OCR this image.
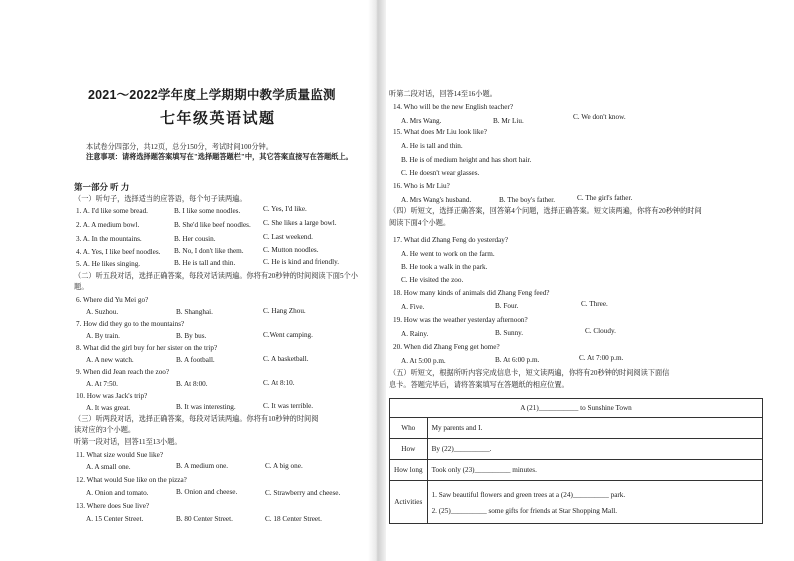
2021～2022学年度上学期期中教学质量监测
七年级英语试题
本试卷分四部分，共12页，总分150分，考试时间100分钟。
注意事项：请将选择题答案填写在"选择题答题栏"中，其它答案直接写在答题纸上。
第一部分 听 力
（一）听句子，选择适当的应答语，每个句子读两遍。
1. A. I'd like some bread.	B. I like some noodles.	C. Yes, I'd like.
2. A. A medium bowl.	B. She'd like beef noodles. C. She likes a large bowl.
3. A. In the mountains.	B. Her cousin.	C. Last weekend.
4. A. Yes, I like beef noodles. B. No, I don't like them.	C. Mutton noodles.
5. A. He likes singing.	B. He is tall and thin.	C. He is kind and friendly.
（二）听五段对话，选择正确答案，每段对话读两遍。你将有20秒钟的时间阅读下面5个小
题。
6. Where did Yu Mei go?
A. Suzhou.	B. Shanghai.	C. Hang Zhou.
7. How did they go to the mountains?
A. By train.	B. By bus.	C.Went camping.
8. What did the girl buy for her sister on the trip?
A. A new watch.	B. A football.	C. A basketball.
9. When did Jean reach the zoo?
A. At 7:50.	B. At 8:00.	C. At 8:10.
10. How was Jack's trip?
A. It was great.	B. It was interesting.	C. It was terrible.
（三）听两段对话，选择正确答案，每段对话读两遍。你将有10秒钟的时间阅
读对应的3个小题。
听第一段对话，回答11至13小题。
11. What size would Sue like?
A. A small one.	B. A medium one.	C. A big one.
12. What would Sue like on the pizza?
A. Onion and tomato.	B. Onion and cheese.	C. Strawberry and cheese.
13. Where does Sue live?
A. 15 Center Street.	B. 80 Center Street.	C. 18 Center Street.
听第二段对话，回答14至16小题。
14. Who will be the new English teacher?
A. Mrs Wang.	B. Mr Liu.	C. We don't know.
15. What does Mr Liu look like?
A. He is tall and thin.
B. He is of medium height and has short hair.
C. He doesn't wear glasses.
16. Who is Mr Liu?
A. Mrs Wang's husband.	B. The boy's father.	C. The girl's father.
（四）听短文，选择正确答案，回答第4个问题，选择正确答案。短文读两遍，你将有20秒钟的时间
阅读下面4个小题。
17. What did Zhang Feng do yesterday?
A. He went to work on the farm.
B. He took a walk in the park.
C. He visited the zoo.
18. How many kinds of animals did Zhang Feng feed?
A. Five.	B. Four.	C. Three.
19. How was the weather yesterday afternoon?
A. Rainy.	B. Sunny.	C. Cloudy.
20. When did Zhang Feng get home?
A. At 5:00 p.m.	B. At 6:00 p.m.	C. At 7:00 p.m.
（五）听短文，根据所听内容完成信息卡，短文读两遍，你将有20秒钟的时间阅读下面信
息卡。答题完毕后，请将答案填写在答题纸的相应位置。
A (21)___________ to Sunshine Town	
Who	My parents and I.
How	By (22)__________.
How long	Took only (23)__________ minutes.
Activities	1. Saw beautiful flowers and green trees at a (24)__________ park.
2. (25)__________ some gifts for friends at Star Shopping Mall.
